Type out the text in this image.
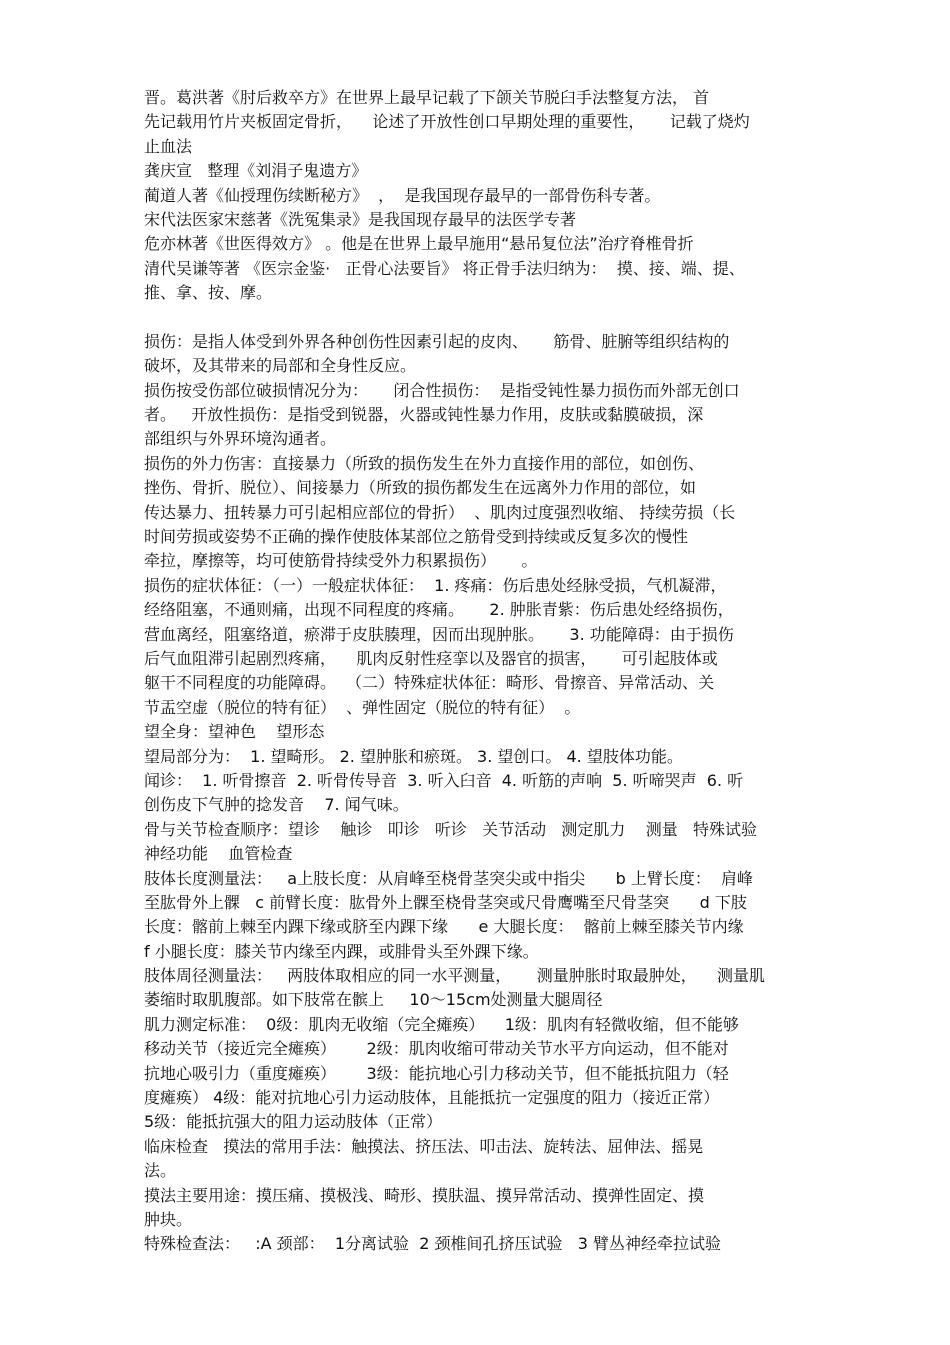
晋。葛洪著《肘后救卒方》在世界上最早记载了下颌关节脱臼手法整复方法， 首
先记载用竹片夹板固定骨折，    论述了开放性创口早期处理的重要性，     记载了烧灼
止血法
龚庆宣   整理《刘涓子鬼遗方》
蔺道人著《仙授理伤续断秘方》  ，  是我国现存最早的一部骨伤科专著。
宋代法医家宋慈著《洗冤集录》是我国现存最早的法医学专著
危亦林著《世医得效方》 。他是在世界上最早施用“悬吊复位法”治疗脊椎骨折
清代吴谦等著 《医宗金鉴·   正骨心法要旨》 将正骨手法归纳为：  摸、接、端、提、
推、拿、按、摩。
损伤：是指人体受到外界各种创伤性因素引起的皮肉、     筋骨、脏腑等组织结构的
破坏，及其带来的局部和全身性反应。
损伤按受伤部位破损情况分为：     闭合性损伤：  是指受钝性暴力损伤而外部无创口
者。   开放性损伤：是指受到锐器，火器或钝性暴力作用，皮肤或黏膜破损，深
部组织与外界环境沟通者。
损伤的外力伤害：直接暴力（所致的损伤发生在外力直接作用的部位，如创伤、
挫伤、骨折、脱位）、间接暴力（所致的损伤都发生在远离外力作用的部位，如
传达暴力、扭转暴力可引起相应部位的骨折）  、肌肉过度强烈收缩、 持续劳损（长
时间劳损或姿势不正确的操作使肢体某部位之筋骨受到持续或反复多次的慢性
牵拉，摩擦等，均可使筋骨持续受外力积累损伤）     。
损伤的症状体征：（一）一般症状体征：  1. 疼痛：伤后患处经脉受损，气机凝滞，
经络阻塞，不通则痛，出现不同程度的疼痛。     2. 肿胀青紫：伤后患处经络损伤，
营血离经，阻塞络道，瘀滞于皮肤腠理，因而出现肿胀。     3. 功能障碍：由于损伤
后气血阻滞引起剧烈疼痛，    肌肉反射性痉挛以及器官的损害，     可引起肢体或
躯干不同程度的功能障碍。  （二）特殊症状体征：畸形、骨擦音、异常活动、关
节盂空虚（脱位的特有征）  、弹性固定（脱位的特有征）  。
望全身：望神色    望形态
望局部分为：  1. 望畸形。 2. 望肿胀和瘀斑。 3. 望创口。 4. 望肢体功能。
闻诊：  1. 听骨擦音  2. 听骨传导音  3. 听入臼音  4. 听筋的声响  5. 听啼哭声  6. 听
创伤皮下气肿的捻发音    7. 闻气味。
骨与关节检查顺序：望诊    触诊   叩诊   听诊   关节活动   测定肌力    测量   特殊试验
神经功能    血管检查
肢体长度测量法：   a上肢长度：从肩峰至桡骨茎突尖或中指尖      b 上臂长度：  肩峰
至肱骨外上髁   c 前臂长度：肱骨外上髁至桡骨茎突或尺骨鹰嘴至尺骨茎突      d 下肢
长度：髂前上棘至内踝下缘或脐至内踝下缘      e 大腿长度：  髂前上棘至膝关节内缘
f 小腿长度：膝关节内缘至内踝，或腓骨头至外踝下缘。
肢体周径测量法：   两肢体取相应的同一水平测量，     测量肿胀时取最肿处，    测量肌
萎缩时取肌腹部。如下肢常在髌上     10～15cm处测量大腿周径
肌力测定标准：  0级：肌肉无收缩（完全瘫痪）    1级：肌肉有轻微收缩，但不能够
移动关节（接近完全瘫痪）      2级：肌肉收缩可带动关节水平方向运动，但不能对
抗地心吸引力（重度瘫痪）      3级：能抗地心引力移动关节，但不能抵抗阻力（轻
度瘫痪） 4级：能对抗地心引力运动肢体，且能抵抗一定强度的阻力（接近正常）
5级：能抵抗强大的阻力运动肢体（正常）
临床检查   摸法的常用手法：触摸法、挤压法、叩击法、旋转法、屈伸法、摇晃
法。
摸法主要用途：摸压痛、摸极浅、畸形、摸肤温、摸异常活动、摸弹性固定、摸
肿块。
特殊检查法：   :A 颈部：  1分离试验  2 颈椎间孔挤压试验   3 臂丛神经牵拉试验
